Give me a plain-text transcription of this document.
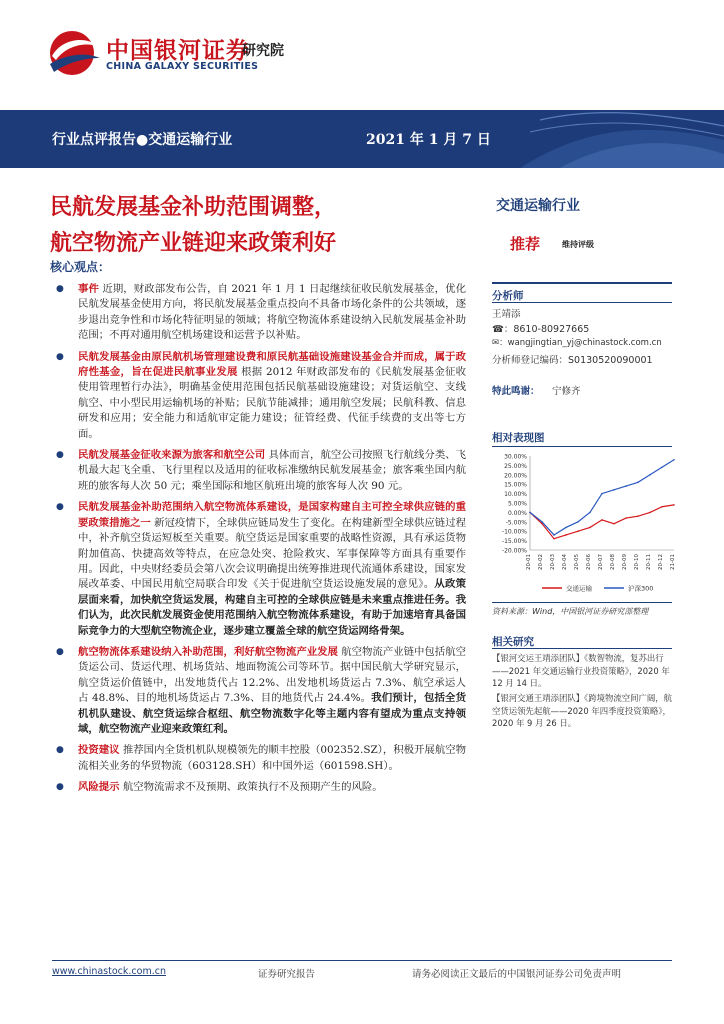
中国银河证券
研究院
CHINA GALAXY SECURITIES
行业点评报告●交通运输行业	2021 年 1 月 7 日
民航发展基金补助范围调整，
航空物流产业链迎来政策利好
交通运输行业
推荐	维持评级
核心观点：
● 事件 近期，财政部发布公告，自 2021 年 1 月 1 日起继续征收民航发展基金，优化民航发展基金使用方向，将民航发展基金重点投向不具备市场化条件的公共领域，逐步退出竞争性和市场化特征明显的领域；将航空物流体系建设纳入民航发展基金补助范围；不再对通用航空机场建设和运营予以补贴。
● 民航发展基金由原民航机场管理建设费和原民航基础设施建设基金合并而成，属于政府性基金，旨在促进民航事业发展 根据 2012 年财政部发布的《民航发展基金征收使用管理暂行办法》，明确基金使用范围包括民航基础设施建设；对货运航空、支线航空、中小型民用运输机场的补贴；民航节能减排；通用航空发展；民航科教、信息研发和应用；安全能力和适航审定能力建设；征管经费、代征手续费的支出等七方面。
● 民航发展基金征收来源为旅客和航空公司 具体而言，航空公司按照飞行航线分类、飞机最大起飞全重、飞行里程以及适用的征收标准缴纳民航发展基金；旅客乘坐国内航班的旅客每人次 50 元；乘坐国际和地区航班出境的旅客每人次 90 元。
● 民航发展基金补助范围纳入航空物流体系建设，是国家构建自主可控全球供应链的重要政策措施之一 新冠疫情下，全球供应链局发生了变化。在构建新型全球供应链过程中，补齐航空货运短板至关重要。航空货运是国家重要的战略性资源，具有承运货物附加值高、快捷高效等特点，在应急处突、抢险救灾、军事保障等方面具有重要作用。因此，中央财经委员会第八次会议明确提出统筹推进现代流通体系建设，国家发展改革委、中国民用航空局联合印发《关于促进航空货运设施发展的意见》。从政策层面来看，加快航空货运发展，构建自主可控的全球供应链是未来重点推进任务。我们认为，此次民航发展资金使用范围纳入航空物流体系建设，有助于加速培育具备国际竞争力的大型航空物流企业，逐步建立覆盖全球的航空货运网络骨架。
● 航空物流体系建设纳入补助范围，利好航空物流产业发展 航空物流产业链中包括航空货运公司、货运代理、机场货站、地面物流公司等环节。据中国民航大学研究显示，航空货运价值链中，出发地货代占 12.2%、出发地机场货运占 7.3%、航空承运人占 48.8%、目的地机场货运占 7.3%、目的地货代占 24.4%。我们预计，包括全货机机队建设、航空货运综合枢纽、航空物流数字化等主题内容有望成为重点支持领域，航空物流产业迎来政策红利。
● 投资建议 推荐国内全货机机队规模领先的顺丰控股（002352.SZ），积极开展航空物流相关业务的华贸物流（603128.SH）和中国外运（601598.SH）。
● 风险提示 航空物流需求不及预期、政策执行不及预期产生的风险。
分析师
王靖添
☎：8610-80927665
✉：wangjingtian_yj@chinastock.com.cn
分析师登记编码：S0130520090001
特此鸣谢： 宁修齐
相对表现图
30.00%
25.00%
20.00%
15.00%
10.00%
5.00%
0.00%
-5.00%
-10.00%
-15.00%
-20.00%
20-01 20-02 20-03 20-04 20-05 20-06 20-07 20-08 20-09 20-10 20-11 20-12 21-01
交通运输	沪深300
资料来源：Wind，中国银河证券研究部整理
相关研究
【银河交运王靖添团队】《数智物流，复苏出行——2021 年交通运输行业投资策略》，2020 年 12 月 14 日。
【银河交通王靖添团队】《跨境物流空间广阔，航空货运领先起航——2020 年四季度投资策略》，2020 年 9 月 26 日。
www.chinastock.com.cn	证券研究报告	请务必阅读正文最后的中国银河证券公司免责声明
